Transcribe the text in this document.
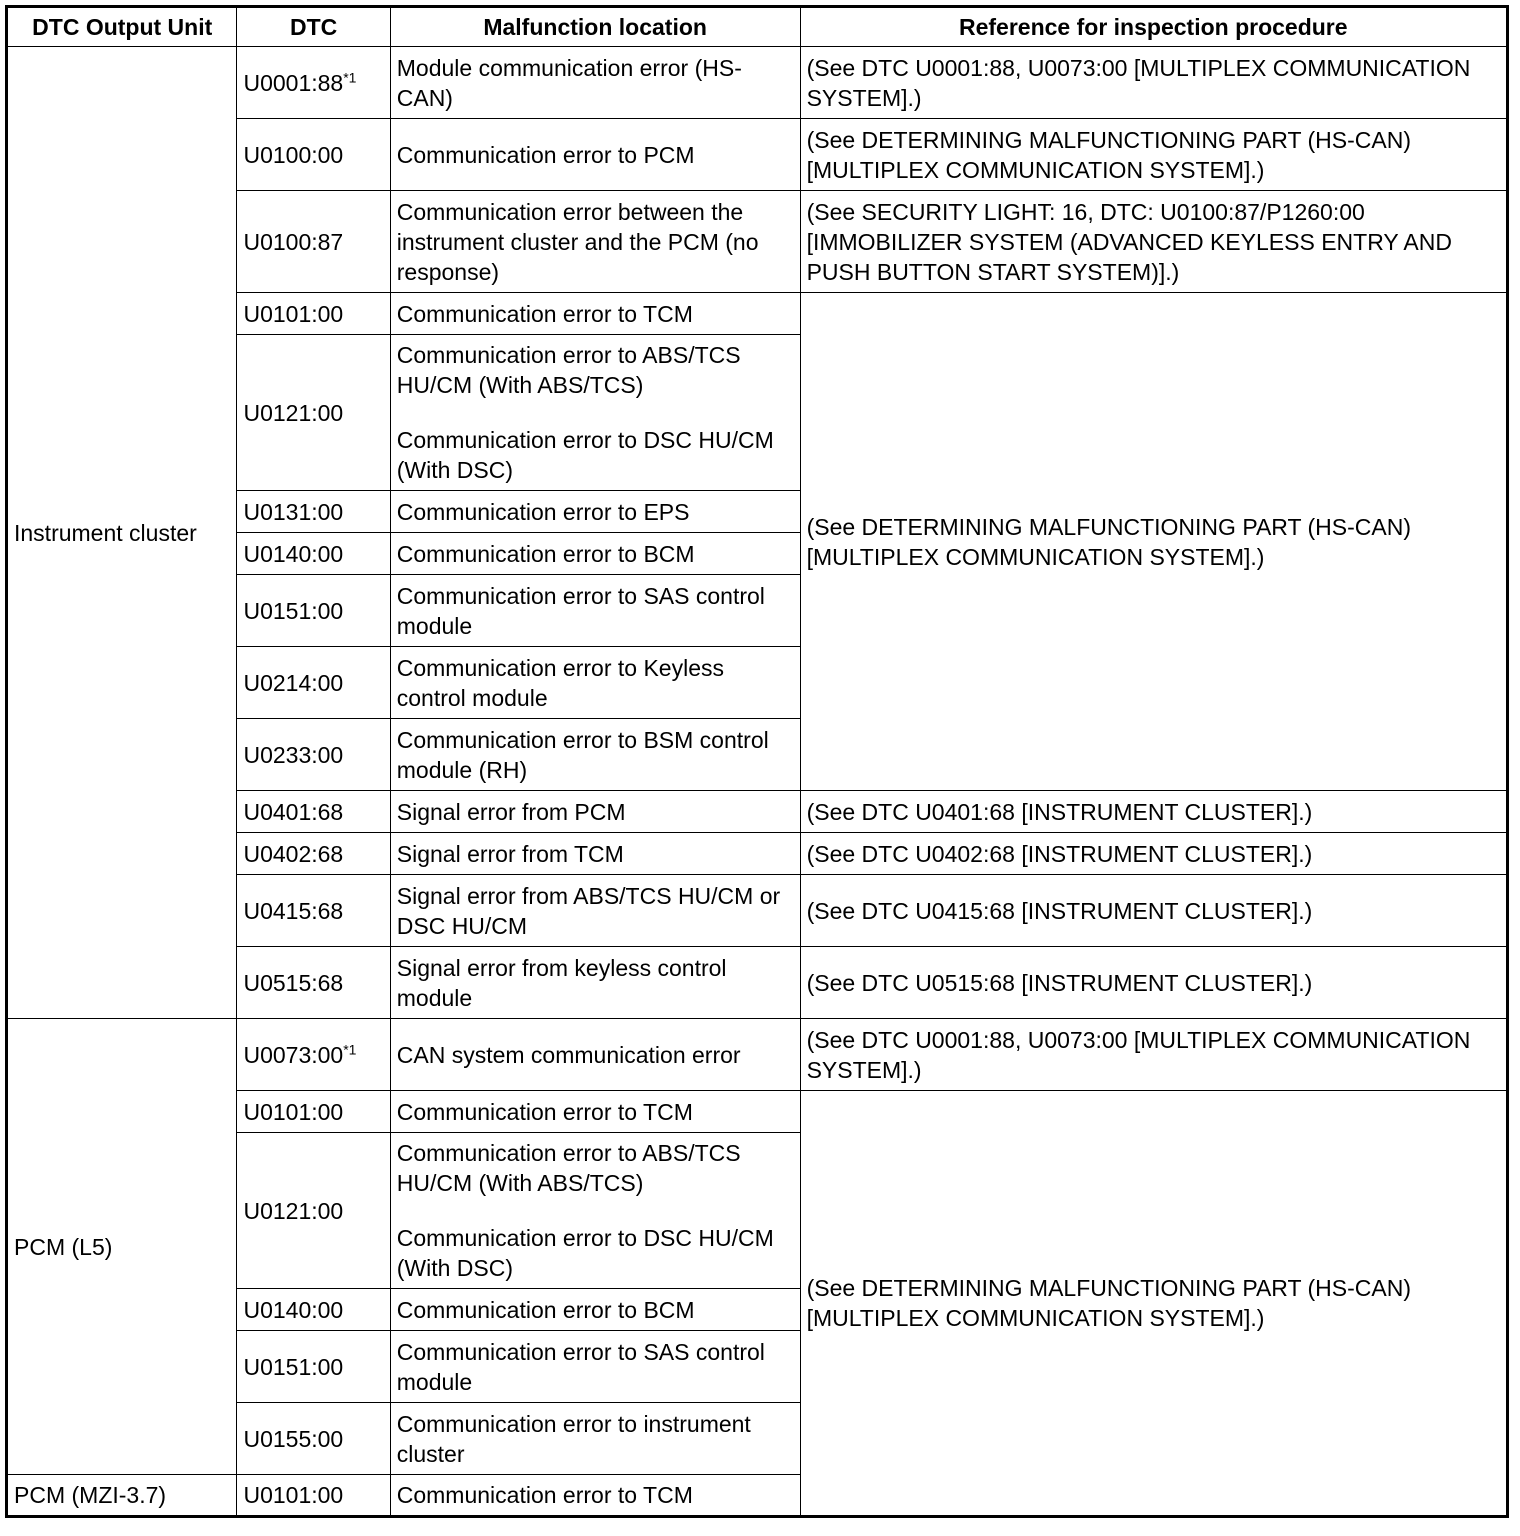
DTC Output Unit	DTC	Malfunction location	Reference for inspection procedure
Instrument cluster	U0001:88$^{*1}$	Module communication error (HS-CAN)	(See DTC U0001:88, U0073:00 [MULTIPLEX COMMUNICATION SYSTEM].)
	U0100:00	Communication error to PCM	(See DETERMINING MALFUNCTIONING PART (HS-CAN) [MULTIPLEX COMMUNICATION SYSTEM].)
	U0100:87	Communication error between the instrument cluster and the PCM (no response)	(See SECURITY LIGHT: 16, DTC: U0100:87/P1260:00 [IMMOBILIZER SYSTEM (ADVANCED KEYLESS ENTRY AND PUSH BUTTON START SYSTEM)].)
	U0101:00	Communication error to TCM	(See DETERMINING MALFUNCTIONING PART (HS-CAN) [MULTIPLEX COMMUNICATION SYSTEM].)
	U0121:00	Communication error to ABS/TCS HU/CM (With ABS/TCS)
Communication error to DSC HU/CM (With DSC)	

	U0131:00	Communication error to EPS	
	U0140:00	Communication error to BCM	
	U0151:00	Communication error to SAS control module	
	U0214:00	Communication error to Keyless control module	
	U0233:00	Communication error to BSM control module (RH)	
	U0401:68	Signal error from PCM	(See DTC U0401:68 [INSTRUMENT CLUSTER].)
	U0402:68	Signal error from TCM	(See DTC U0402:68 [INSTRUMENT CLUSTER].)
	U0415:68	Signal error from ABS/TCS HU/CM or DSC HU/CM	(See DTC U0415:68 [INSTRUMENT CLUSTER].)
	U0515:68	Signal error from keyless control module	(See DTC U0515:68 [INSTRUMENT CLUSTER].)
PCM (L5)	U0073:00$^{*1}$	CAN system communication error	(See DTC U0001:88, U0073:00 [MULTIPLEX COMMUNICATION SYSTEM].)
	U0101:00	Communication error to TCM	(See DETERMINING MALFUNCTIONING PART (HS-CAN) [MULTIPLEX COMMUNICATION SYSTEM].)
	U0121:00	Communication error to ABS/TCS HU/CM (With ABS/TCS)
Communication error to DSC HU/CM (With DSC)	

	U0140:00	Communication error to BCM	
	U0151:00	Communication error to SAS control module	
	U0155:00	Communication error to instrument cluster	
PCM (MZI-3.7)	U0101:00	Communication error to TCM	
